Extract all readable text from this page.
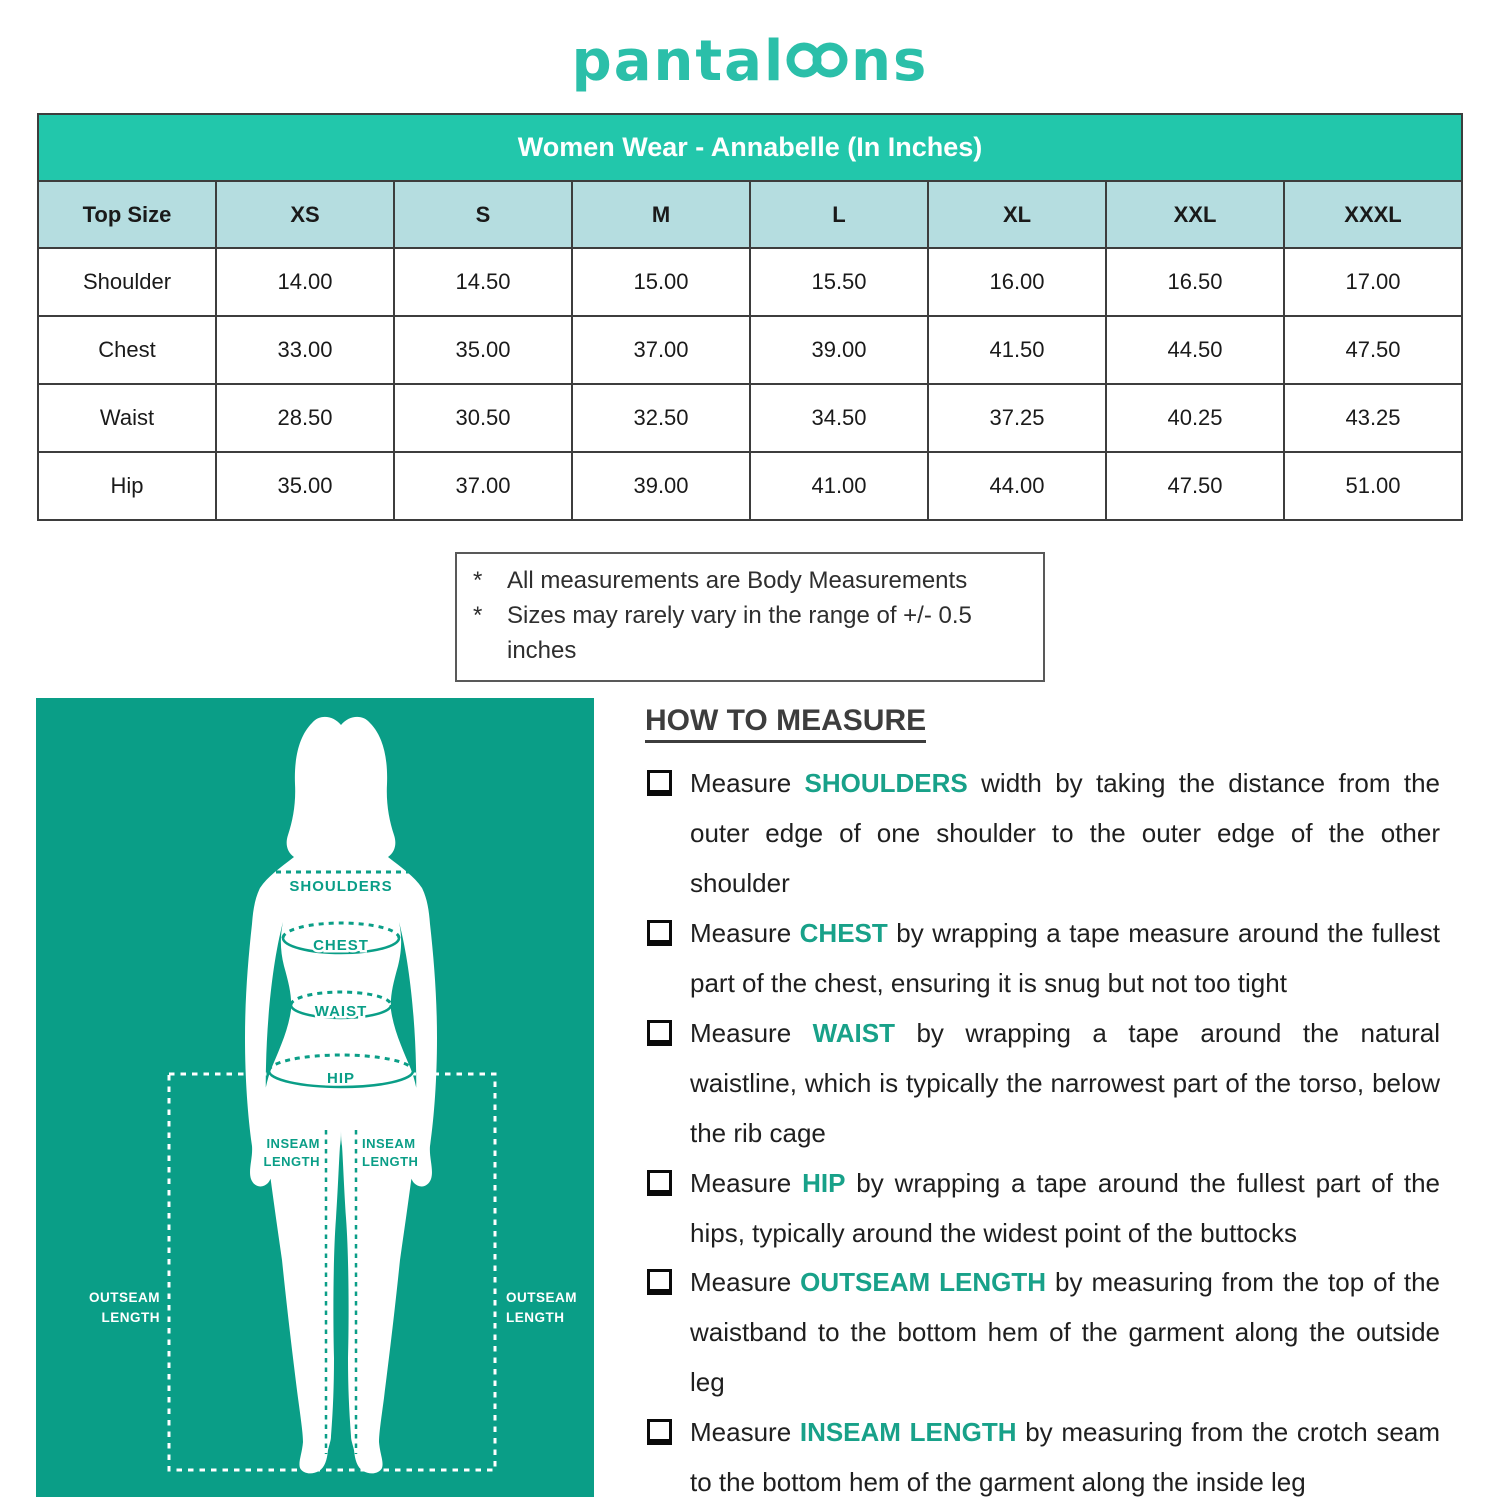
pantal ns
Women Wear - Annabelle (In Inches)							
Top Size	XS	S	M	L	XL	XXL	XXXL
Shoulder	14.00	14.50	15.00	15.50	16.00	16.50	17.00
Chest	33.00	35.00	37.00	39.00	41.50	44.50	47.50
Waist	28.50	30.50	32.50	34.50	37.25	40.25	43.25
Hip	35.00	37.00	39.00	41.00	44.00	47.50	51.00
*	All measurements are Body Measurements
*	Sizes may rarely vary in the range of +/- 0.5 inches
SHOULDERS
CHEST
WAIST
HIP
INSEAM
LENGTH
INSEAM
LENGTH
OUTSEAM
LENGTH
OUTSEAM
LENGTH
HOW TO MEASURE
Measure SHOULDERS width by taking the distance from the outer edge of one shoulder to the outer edge of the other shoulder
Measure CHEST by wrapping a tape measure around the fullest part of the chest, ensuring it is snug but not too tight
Measure WAIST by wrapping a tape around the natural waistline, which is typically the narrowest part of the torso, below the rib cage
Measure HIP by wrapping a tape around the fullest part of the hips, typically around the widest point of the buttocks
Measure OUTSEAM LENGTH by measuring from the top of the waistband to the bottom hem of the garment along the outside leg
Measure INSEAM LENGTH by measuring from the crotch seam to the bottom hem of the garment along the inside leg
